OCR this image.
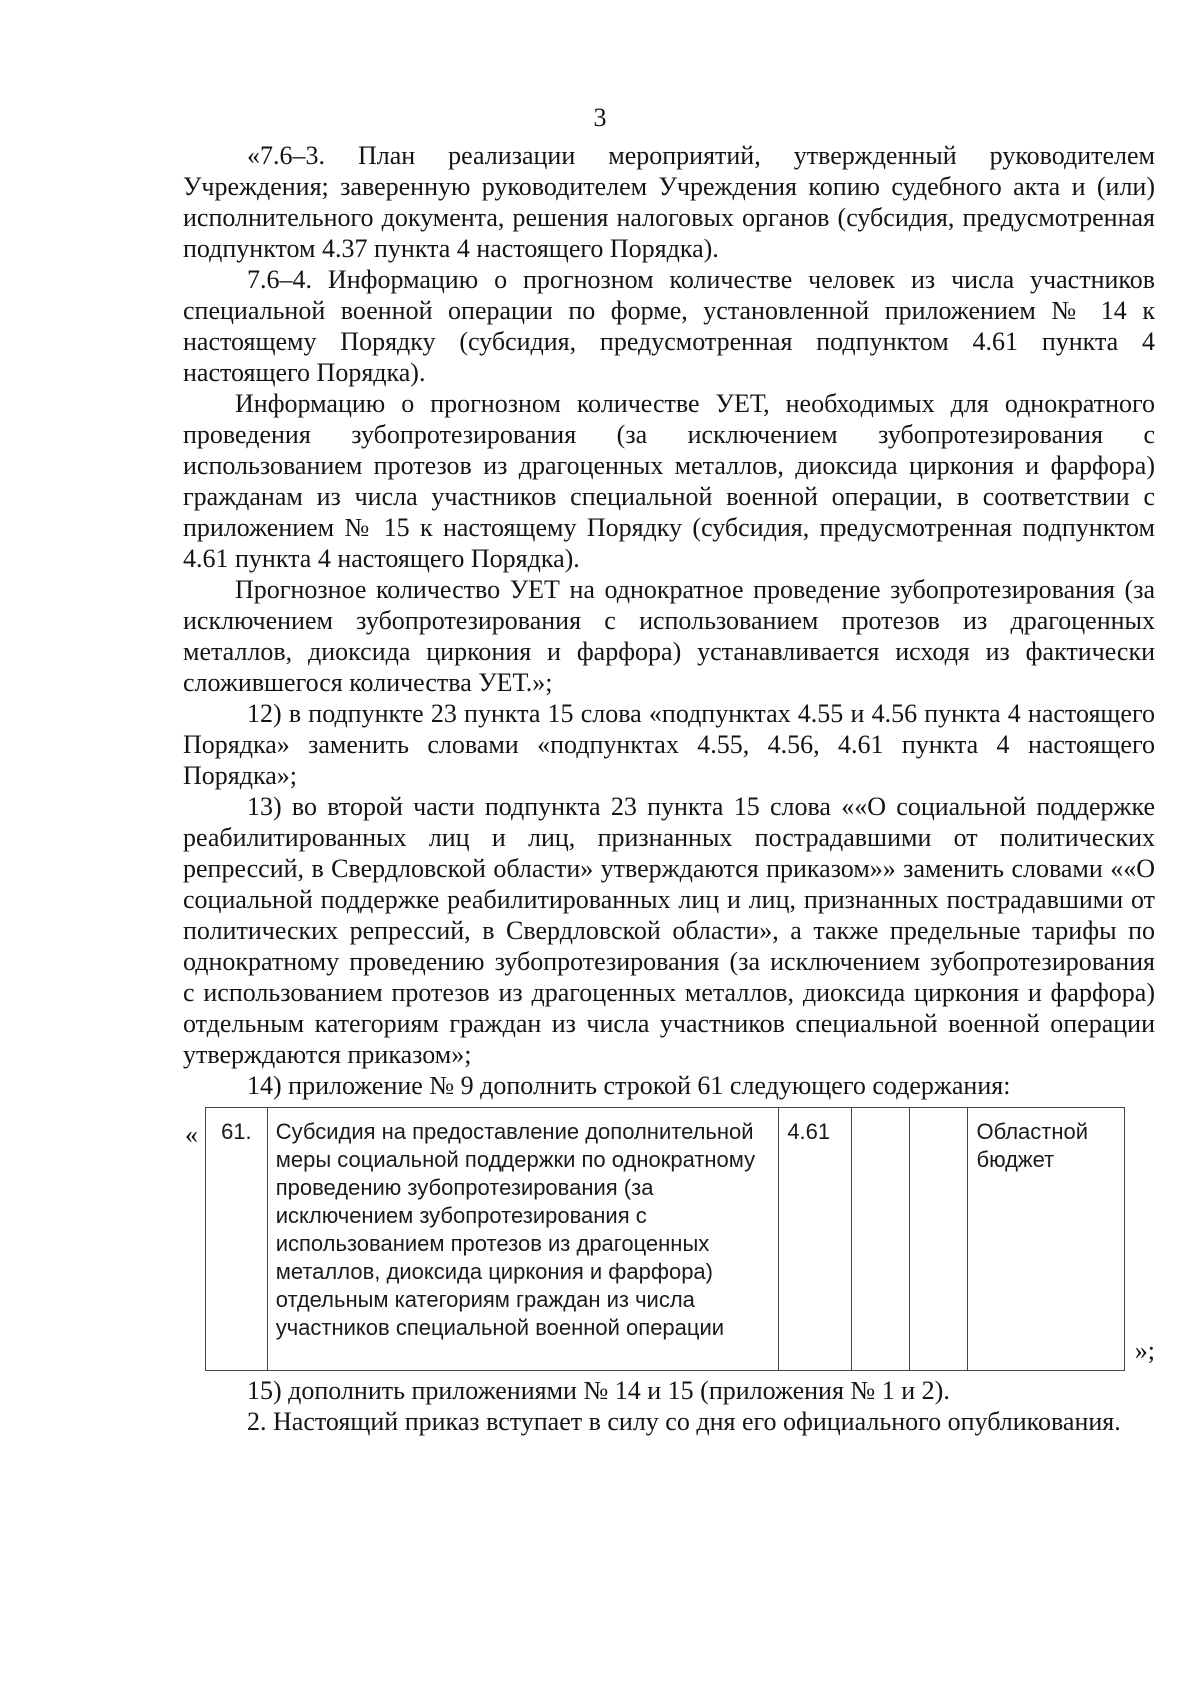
3

«7.6–3. План реализации мероприятий, утвержденный руководителем Учреждения; заверенную руководителем Учреждения копию судебного акта и (или) исполнительного документа, решения налоговых органов (субсидия, предусмотренная подпунктом 4.37 пункта 4 настоящего Порядка).

7.6–4. Информацию о прогнозном количестве человек из числа участников специальной военной операции по форме, установленной приложением № 14 к настоящему Порядку (субсидия, предусмотренная подпунктом 4.61 пункта 4 настоящего Порядка).

Информацию о прогнозном количестве УЕТ, необходимых для однократного проведения зубопротезирования (за исключением зубопротезирования с использованием протезов из драгоценных металлов, диоксида циркония и фарфора) гражданам из числа участников специальной военной операции, в соответствии с приложением № 15 к настоящему Порядку (субсидия, предусмотренная подпунктом 4.61 пункта 4 настоящего Порядка).

Прогнозное количество УЕТ на однократное проведение зубопротезирования (за исключением зубопротезирования с использованием протезов из драгоценных металлов, диоксида циркония и фарфора) устанавливается исходя из фактически сложившегося количества УЕТ.»;

12) в подпункте 23 пункта 15 слова «подпунктах 4.55 и 4.56 пункта 4 настоящего Порядка» заменить словами «подпунктах 4.55, 4.56, 4.61 пункта 4 настоящего Порядка»;

13) во второй части подпункта 23 пункта 15 слова ««О социальной поддержке реабилитированных лиц и лиц, признанных пострадавшими от политических репрессий, в Свердловской области» утверждаются приказом»» заменить словами ««О социальной поддержке реабилитированных лиц и лиц, признанных пострадавшими от политических репрессий, в Свердловской области», а также предельные тарифы по однократному проведению зубопротезирования (за исключением зубопротезирования с использованием протезов из драгоценных металлов, диоксида циркония и фарфора) отдельным категориям граждан из числа участников специальной военной операции утверждаются приказом»;

14) приложение № 9 дополнить строкой 61 следующего содержания:

« 61.	Субсидия на предоставление дополнительной меры социальной поддержки по однократному проведению зубопротезирования (за исключением зубопротезирования с использованием протезов из драгоценных металлов, диоксида циркония и фарфора) отдельным категориям граждан из числа участников специальной военной операции	4.61			Областной бюджет
»;

15) дополнить приложениями № 14 и 15 (приложения № 1 и 2).

2. Настоящий приказ вступает в силу со дня его официального опубликования.
